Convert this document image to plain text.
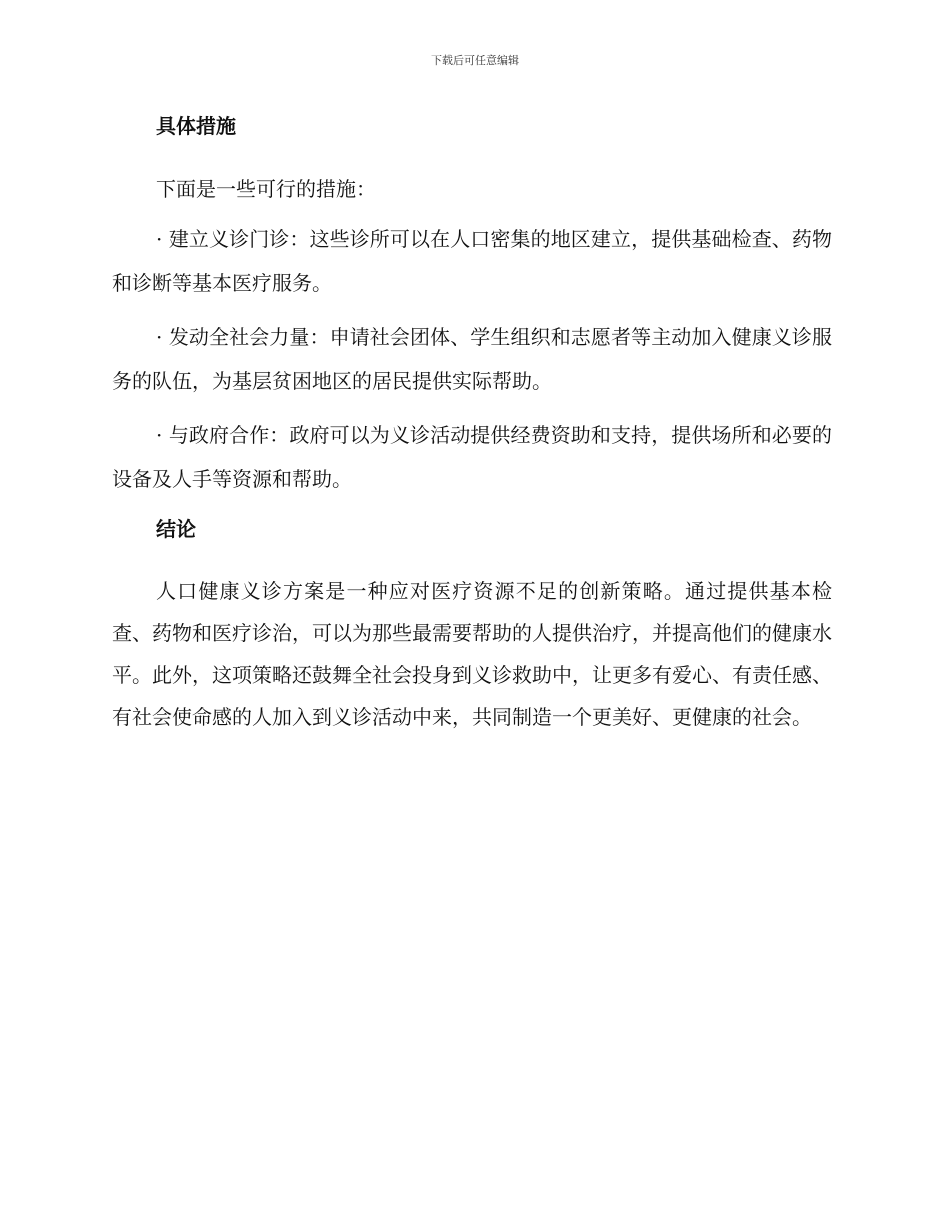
下载后可任意编辑
具体措施

下面是一些可行的措施：

· 建立义诊门诊：这些诊所可以在人口密集的地区建立，提供基础检查、药物和诊断等基本医疗服务。

· 发动全社会力量：申请社会团体、学生组织和志愿者等主动加入健康义诊服务的队伍，为基层贫困地区的居民提供实际帮助。

· 与政府合作：政府可以为义诊活动提供经费资助和支持，提供场所和必要的设备及人手等资源和帮助。

结论

人口健康义诊方案是一种应对医疗资源不足的创新策略。通过提供基本检查、药物和医疗诊治，可以为那些最需要帮助的人提供治疗，并提高他们的健康水平。此外，这项策略还鼓舞全社会投身到义诊救助中，让更多有爱心、有责任感、有社会使命感的人加入到义诊活动中来，共同制造一个更美好、更健康的社会。
